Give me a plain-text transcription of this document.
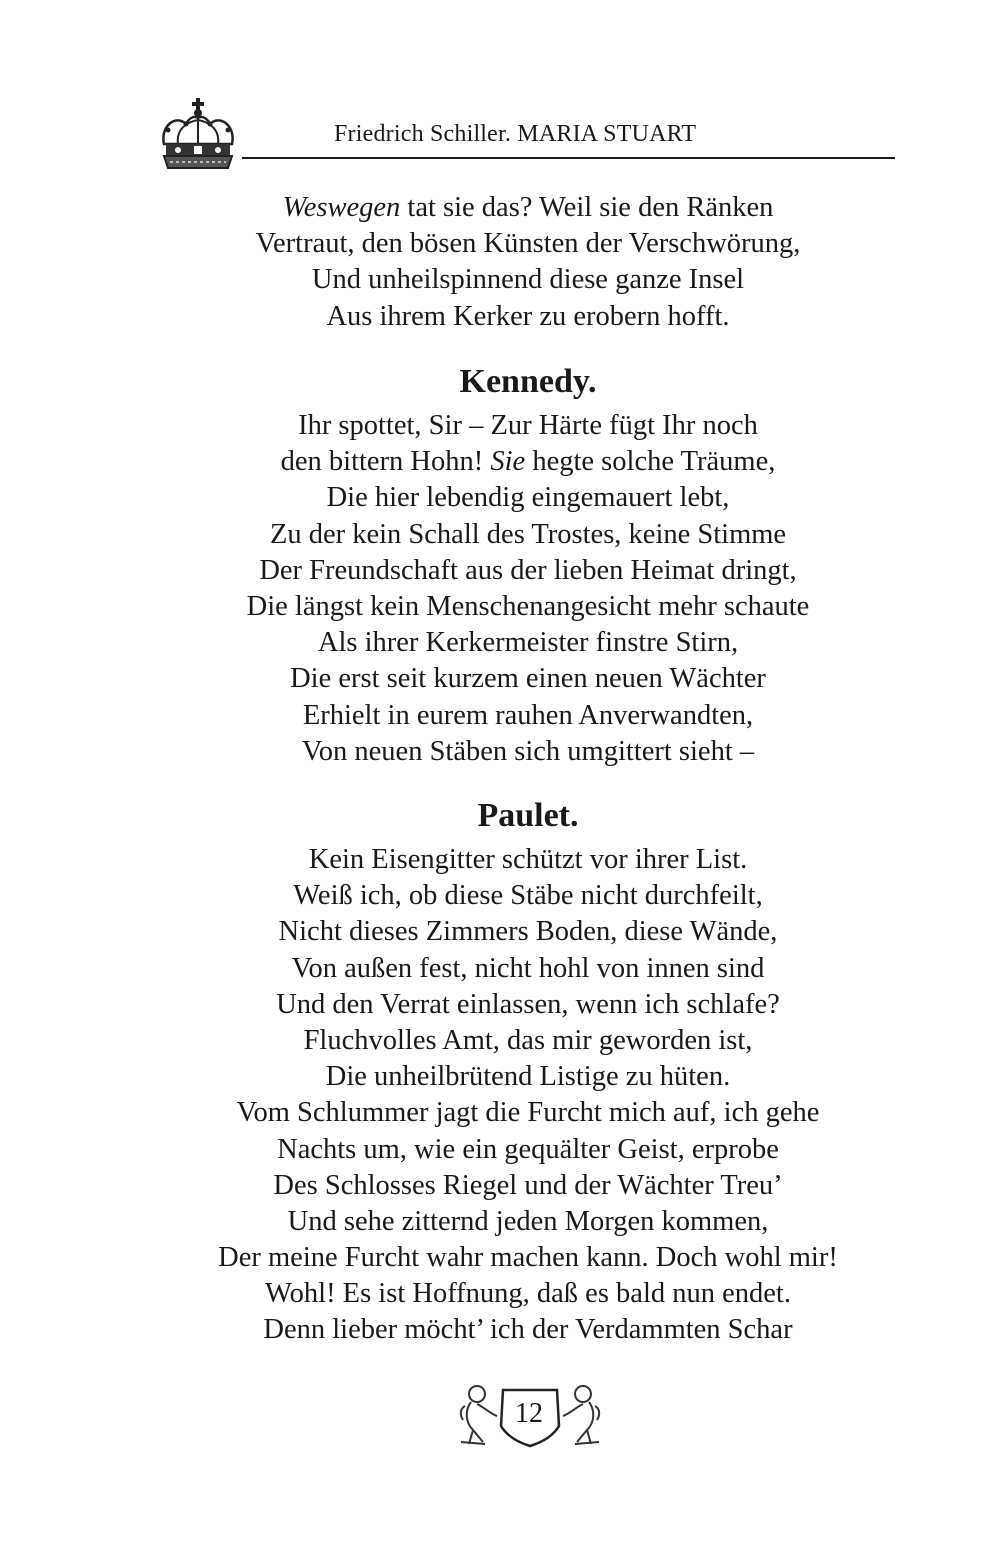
Friedrich Schiller. MARIA STUART
Weswegen tat sie das? Weil sie den Ränken
Vertraut, den bösen Künsten der Verschwörung,
Und unheilspinnend diese ganze Insel
Aus ihrem Kerker zu erobern hofft.
Kennedy.
Ihr spottet, Sir – Zur Härte fügt Ihr noch
den bittern Hohn! Sie hegte solche Träume,
Die hier lebendig eingemauert lebt,
Zu der kein Schall des Trostes, keine Stimme
Der Freundschaft aus der lieben Heimat dringt,
Die längst kein Menschenangesicht mehr schaute
Als ihrer Kerkermeister finstre Stirn,
Die erst seit kurzem einen neuen Wächter
Erhielt in eurem rauhen Anverwandten,
Von neuen Stäben sich umgittert sieht –
Paulet.
Kein Eisengitter schützt vor ihrer List.
Weiß ich, ob diese Stäbe nicht durchfeilt,
Nicht dieses Zimmers Boden, diese Wände,
Von außen fest, nicht hohl von innen sind
Und den Verrat einlassen, wenn ich schlafe?
Fluchvolles Amt, das mir geworden ist,
Die unheilbrütend Listige zu hüten.
Vom Schlummer jagt die Furcht mich auf, ich gehe
Nachts um, wie ein gequälter Geist, erprobe
Des Schlosses Riegel und der Wächter Treu’
Und sehe zitternd jeden Morgen kommen,
Der meine Furcht wahr machen kann. Doch wohl mir!
Wohl! Es ist Hoffnung, daß es bald nun endet.
Denn lieber möcht’ ich der Verdammten Schar
12
